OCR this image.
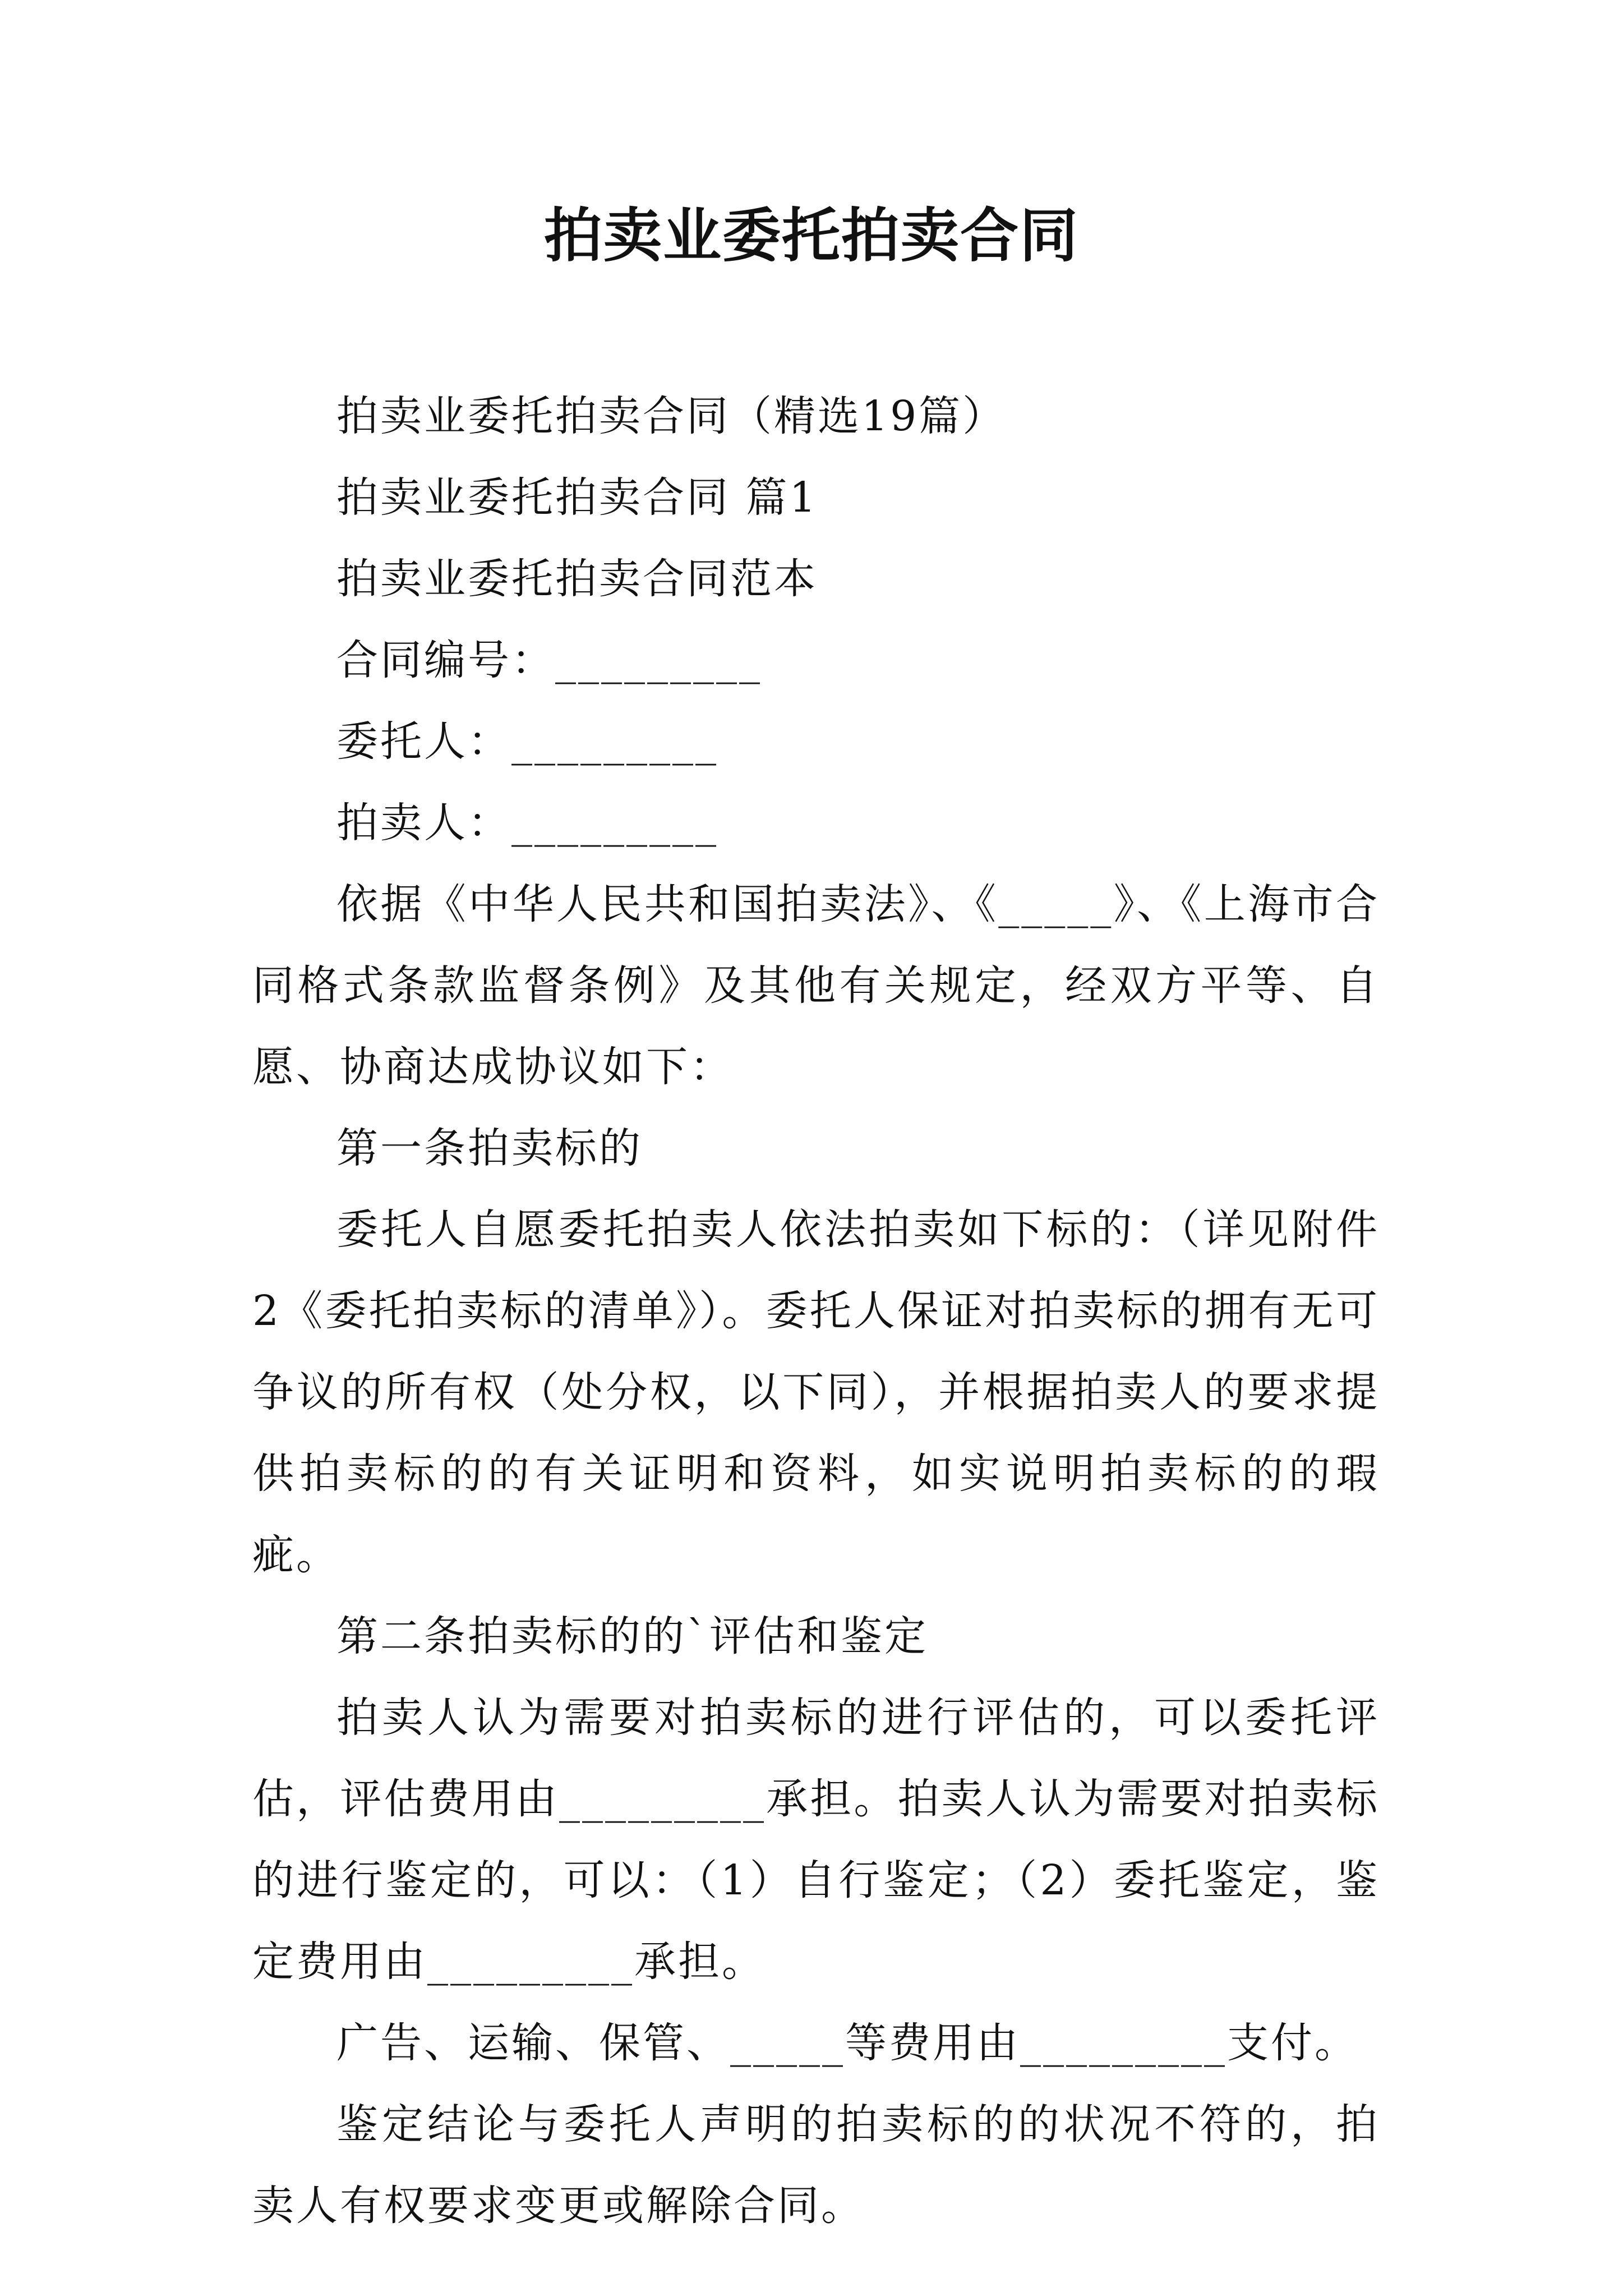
拍卖业委托拍卖合同

拍卖业委托拍卖合同（精选19篇）

拍卖业委托拍卖合同 篇1

拍卖业委托拍卖合同范本

合同编号：_________

委托人：_________

拍卖人：_________

依据《中华人民共和国拍卖法》、《_____》、《上海市合同格式条款监督条例》及其他有关规定，经双方平等、自愿、协商达成协议如下：

第一条拍卖标的

委托人自愿委托拍卖人依法拍卖如下标的：（详见附件2《委托拍卖标的清单》）。委托人保证对拍卖标的拥有无可争议的所有权（处分权，以下同），并根据拍卖人的要求提供拍卖标的的有关证明和资料，如实说明拍卖标的的瑕疵。

第二条拍卖标的的`评估和鉴定

拍卖人认为需要对拍卖标的进行评估的，可以委托评估，评估费用由_________承担。拍卖人认为需要对拍卖标的进行鉴定的，可以：（1）自行鉴定；（2）委托鉴定，鉴定费用由_________承担。

广告、运输、保管、_____等费用由_________支付。

鉴定结论与委托人声明的拍卖标的的状况不符的，拍卖人有权要求变更或解除合同。
